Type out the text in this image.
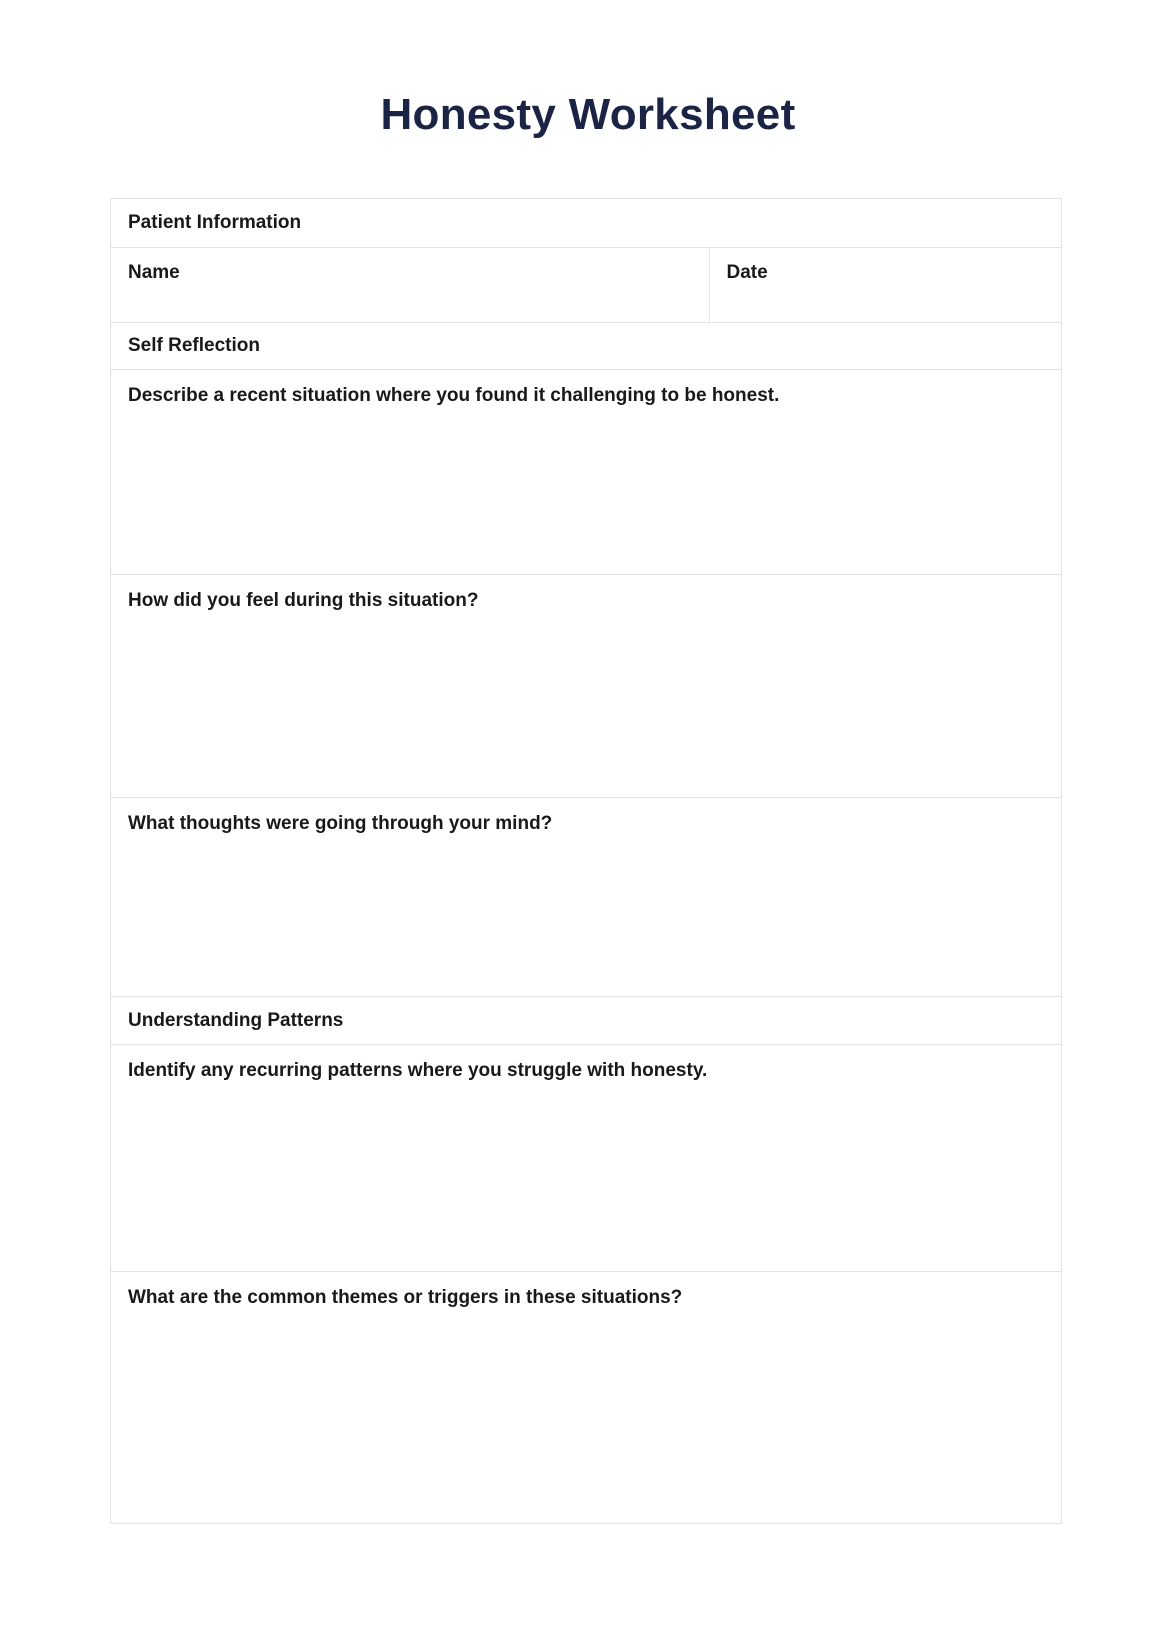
Honesty Worksheet
Patient Information
Name	Date
Self Reflection
Describe a recent situation where you found it challenging to be honest.
How did you feel during this situation?
What thoughts were going through your mind?
Understanding Patterns
Identify any recurring patterns where you struggle with honesty.
What are the common themes or triggers in these situations?
